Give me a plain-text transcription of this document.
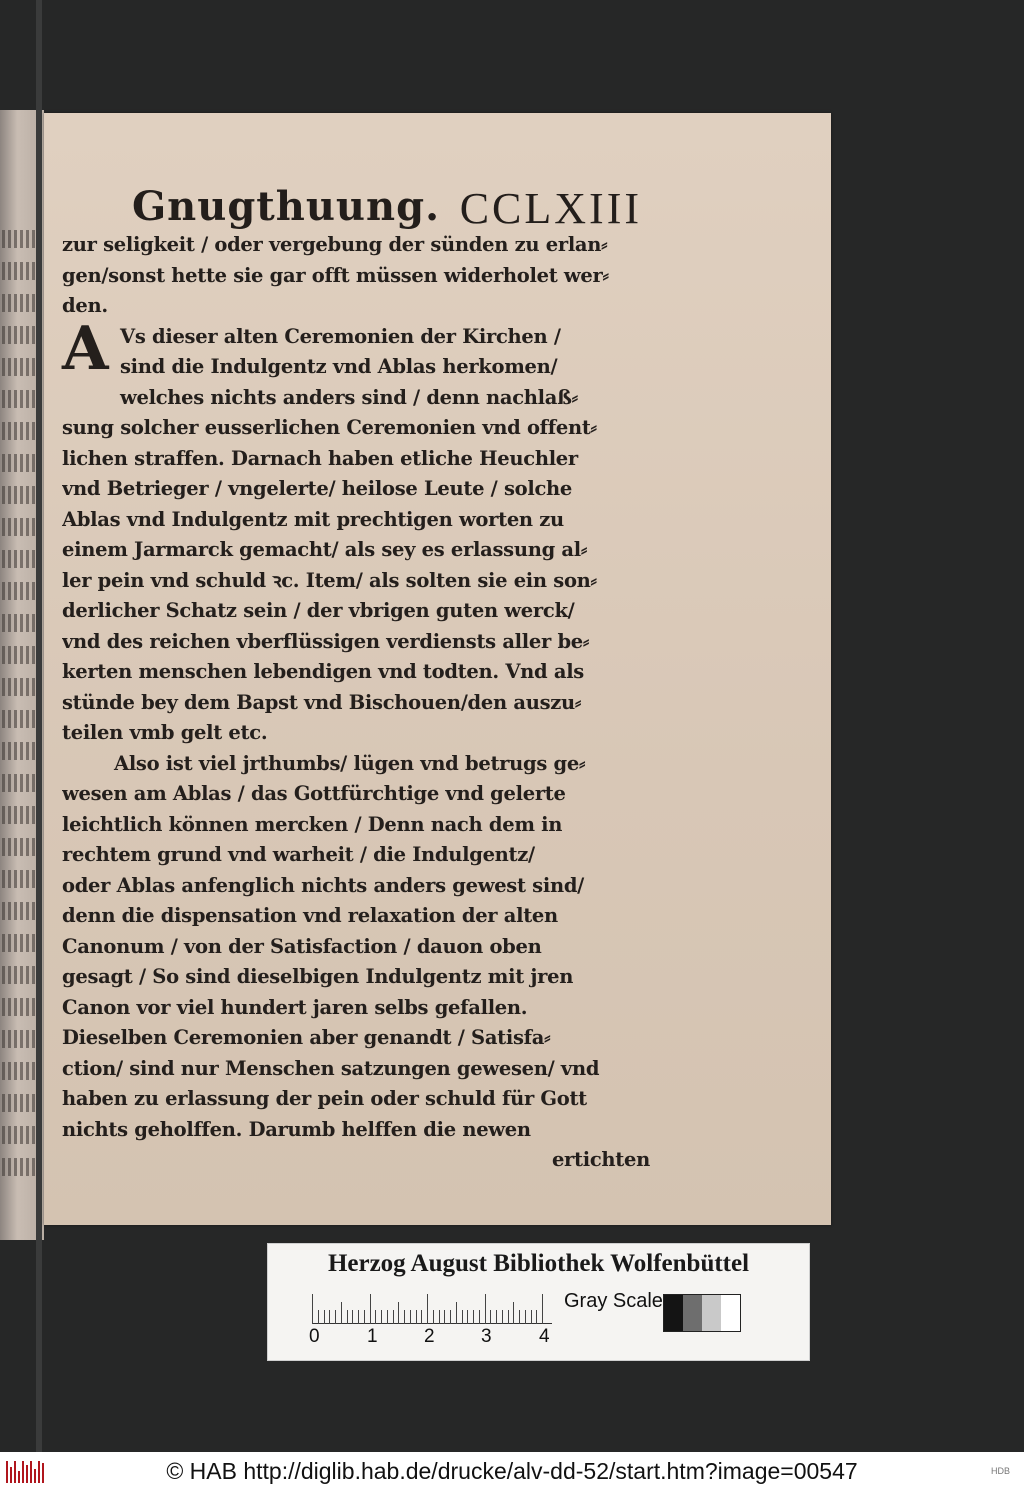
Gnugthuung. CCLXIII
A
zur seligkeit / oder vergebung der sünden zu erlan⸗
gen/sonst hette sie gar offt müssen widerholet wer⸗
den.
Vs dieser alten Ceremonien der Kirchen /
sind die Indulgentz vnd Ablas herkomen/
welches nichts anders sind / denn nachlaß⸗
sung solcher eusserlichen Ceremonien vnd offent⸗
lichen straffen. Darnach haben etliche Heuchler
vnd Betrieger / vngelerte/ heilose Leute / solche
Ablas vnd Indulgentz mit prechtigen worten zu
einem Jarmarck gemacht/ als sey es erlassung al⸗
ler pein vnd schuld ꝛc. Item/ als solten sie ein son⸗
derlicher Schatz sein / der vbrigen guten werck/
vnd des reichen vberflüssigen verdiensts aller be⸗
kerten menschen lebendigen vnd todten. Vnd als
stünde bey dem Bapst vnd Bischouen/den auszu⸗
teilen vmb gelt etc.
Also ist viel jrthumbs/ lügen vnd betrugs ge⸗
wesen am Ablas / das Gottfürchtige vnd gelerte
leichtlich können mercken / Denn nach dem in
rechtem grund vnd warheit / die Indulgentz/
oder Ablas anfenglich nichts anders gewest sind/
denn die dispensation vnd relaxation der alten
Canonum / von der Satisfaction / dauon oben
gesagt / So sind dieselbigen Indulgentz mit jren
Canon vor viel hundert jaren selbs gefallen.
Dieselben Ceremonien aber genandt / Satisfa⸗
ction/ sind nur Menschen satzungen gewesen/ vnd
haben zu erlassung der pein oder schuld für Gott
nichts geholffen. Darumb helffen die newen
ertichten
Herzog August Bibliothek Wolfenbüttel
0 1 2 3 4
Gray Scale
© HAB http://diglib.hab.de/drucke/alv-dd-52/start.htm?image=00547	HDB
